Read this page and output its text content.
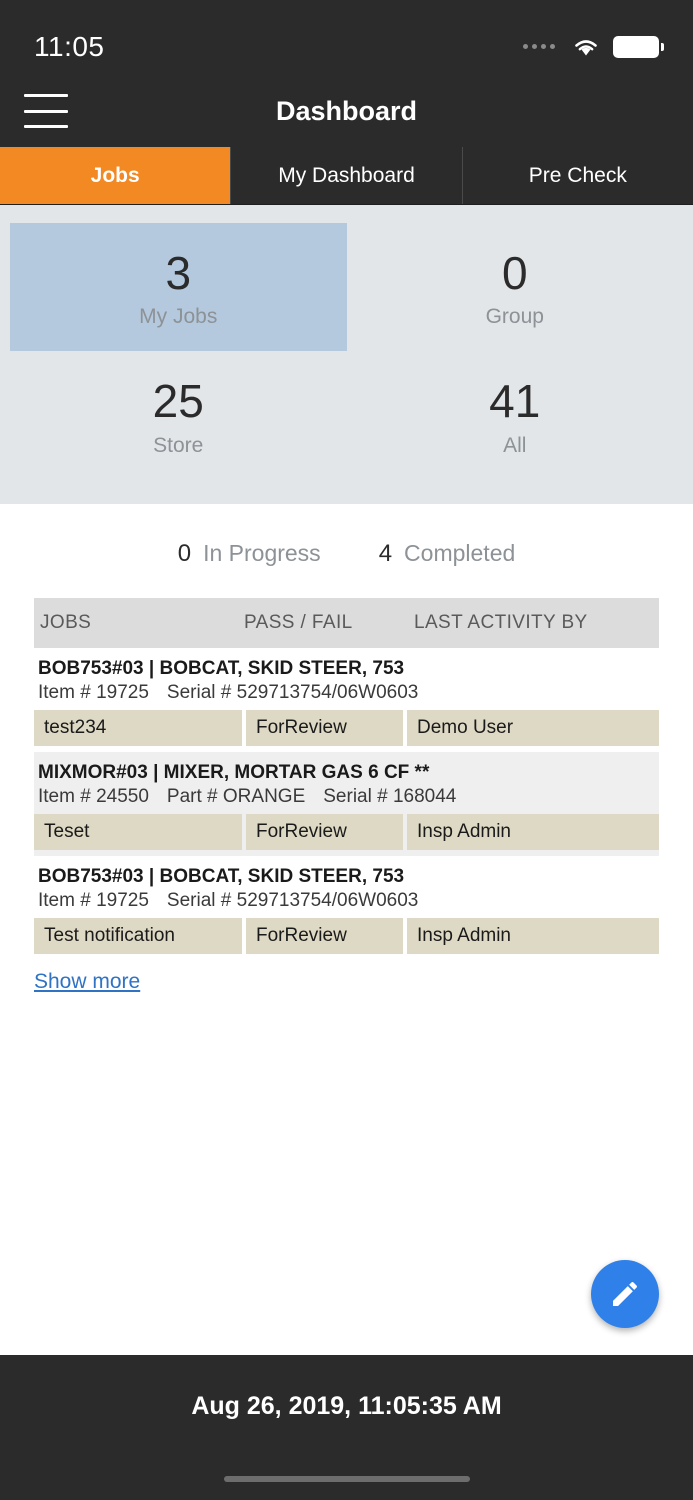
11:05
Dashboard
Jobs	My Dashboard	Pre Check
3
My Jobs
0
Group
25
Store
41
All
0 In Progress 4 Completed
JOBS	PASS / FAIL	LAST ACTIVITY BY
BOB753#03 | BOBCAT, SKID STEER, 753
Item # 19725 Serial # 529713754/06W0603
test234	ForReview	Demo User
MIXMOR#03 | MIXER, MORTAR GAS 6 CF **
Item # 24550 Part # ORANGE Serial # 168044
Teset	ForReview	Insp Admin
BOB753#03 | BOBCAT, SKID STEER, 753
Item # 19725 Serial # 529713754/06W0603
Test notification	ForReview	Insp Admin
Show more
Aug 26, 2019, 11:05:35 AM
